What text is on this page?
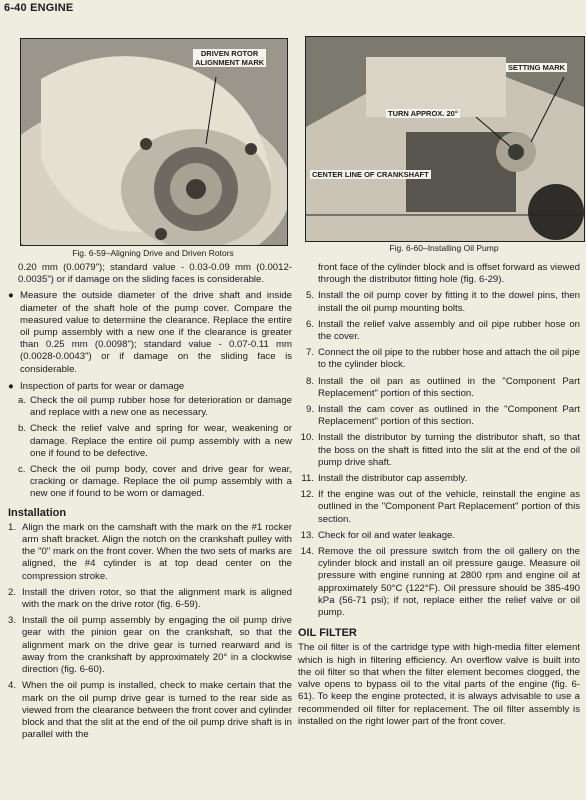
6-40 ENGINE
DRIVEN ROTOR
ALIGNMENT MARK
Fig. 6-59–Aligning Drive and Driven Rotors
SETTING MARK
TURN APPROX. 20°
CENTER LINE OF CRANKSHAFT
Fig. 6-60–Installing Oil Pump

0.20 mm (0.0079"); standard value - 0.03-0.09 mm (0.0012-0.0035") or if damage on the sliding faces is considerable.

● Measure the outside diameter of the drive shaft and inside diameter of the shaft hole of the pump cover. Compare the measured value to determine the clearance. Replace the entire oil pump assembly with a new one if the clearance is greater than 0.25 mm (0.0098"); standard value - 0.07-0.11 mm (0.0028-0.0043") or if damage on the sliding face is considerable.
● Inspection of parts for wear or damage
a. Check the oil pump rubber hose for deterioration or damage and replace with a new one as necessary.
b. Check the relief valve and spring for wear, weakening or damage. Replace the entire oil pump assembly with a new one if found to be defective.
c. Check the oil pump body, cover and drive gear for wear, cracking or damage. Replace the oil pump assembly with a new one if found to be worn or damaged.
Installation
1. Align the mark on the camshaft with the mark on the #1 rocker arm shaft bracket. Align the notch on the crankshaft pulley with the "0" mark on the front cover. When the two sets of marks are aligned, the #4 cylinder is at top dead center on the compression stroke.
2. Install the driven rotor, so that the alignment mark is aligned with the mark on the drive rotor (fig. 6-59).
3. Install the oil pump assembly by engaging the oil pump drive gear with the pinion gear on the crankshaft, so that the alignment mark on the drive gear is turned rearward and is away from the crankshaft by approximately 20° in a clockwise direction (fig. 6-60).
4. When the oil pump is installed, check to make certain that the mark on the oil pump drive gear is turned to the rear side as viewed from the clearance between the front cover and cylinder block and that the slit at the end of the oil pump drive shaft is in parallel with the

front face of the cylinder block and is offset forward as viewed through the distributor fitting hole (fig. 6-29).

5. Install the oil pump cover by fitting it to the dowel pins, then install the oil pump mounting bolts.
6. Install the relief valve assembly and oil pipe rubber hose on the cover.
7. Connect the oil pipe to the rubber hose and attach the oil pipe to the cylinder block.
8. Install the oil pan as outlined in the "Component Part Replacement" portion of this section.
9. Install the cam cover as outlined in the "Component Part Replacement" portion of this section.
10. Install the distributor by turning the distributor shaft, so that the boss on the shaft is fitted into the slit at the end of the oil pump drive shaft.
11. Install the distributor cap assembly.
12. If the engine was out of the vehicle, reinstall the engine as outlined in the "Component Part Replacement" portion of this section.
13. Check for oil and water leakage.
14. Remove the oil pressure switch from the oil gallery on the cylinder block and install an oil pressure gauge. Measure oil pressure with engine running at 2800 rpm and engine oil at approximately 50°C (122°F). Oil pressure should be 385-490 kPa (56-71 psi); if not, replace either the relief valve or oil pump.
OIL FILTER

The oil filter is of the cartridge type with high-media filter element which is high in filtering efficiency. An overflow valve is built into the oil filter so that when the filter element becomes clogged, the valve opens to bypass oil to the vital parts of the engine (fig. 6-61). To keep the engine protected, it is always advisable to use a recommended oil filter for replacement. The oil filter assembly is installed on the right lower part of the front cover.
